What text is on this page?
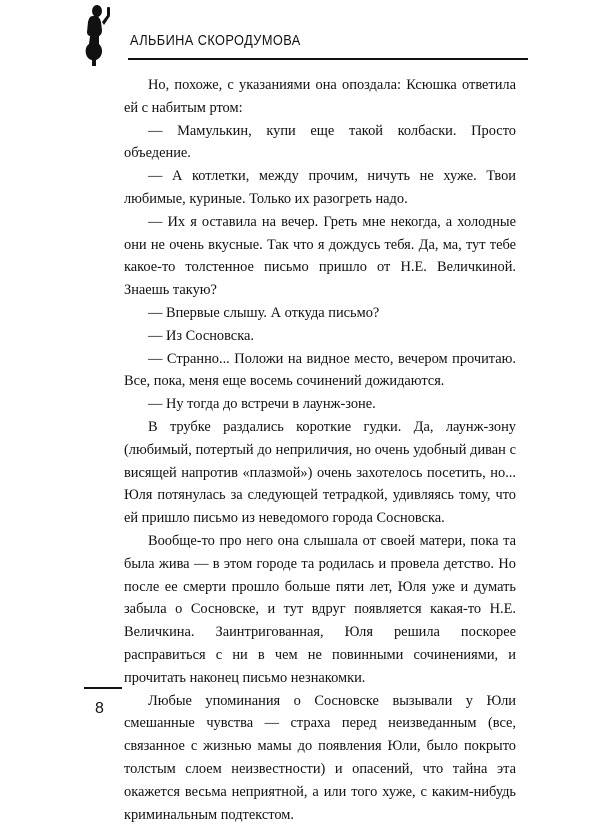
АЛЬБИНА СКОРОДУМОВА

Но, похоже, с указаниями она опоздала: Ксюшка ответила ей с набитым ртом:

— Мамулькин, купи еще такой колбаски. Просто объедение.

— А котлетки, между прочим, ничуть не хуже. Твои любимые, куриные. Только их разогреть надо.

— Их я оставила на вечер. Греть мне некогда, а холодные они не очень вкусные. Так что я дождусь тебя. Да, ма, тут тебе какое-то толстенное письмо пришло от Н.Е. Величкиной. Знаешь такую?

— Впервые слышу. А откуда письмо?

— Из Сосновска.

— Странно... Положи на видное место, вечером прочитаю. Все, пока, меня еще восемь сочинений дожидаются.

— Ну тогда до встречи в лаунж-зоне.

В трубке раздались короткие гудки. Да, лаунж-зону (любимый, потертый до неприличия, но очень удобный диван с висящей напротив «плазмой») очень захотелось посетить, но... Юля потянулась за следующей тетрадкой, удивляясь тому, что ей пришло письмо из неведомого города Сосновска.

Вообще-то про него она слышала от своей матери, пока та была жива — в этом городе та родилась и провела детство. Но после ее смерти прошло больше пяти лет, Юля уже и думать забыла о Сосновске, и тут вдруг появляется какая-то Н.Е. Величкина. Заинтригованная, Юля решила поскорее расправиться с ни в чем не повинными сочинениями, и прочитать наконец письмо незнакомки.

Любые упоминания о Сосновске вызывали у Юли смешанные чувства — страха перед неизведанным (все, связанное с жизнью мамы до появления Юли, было покрыто толстым слоем неизвестности) и опасений, что тайна эта окажется весьма неприятной, а или того хуже, с каким-нибудь криминальным подтекстом.

8
